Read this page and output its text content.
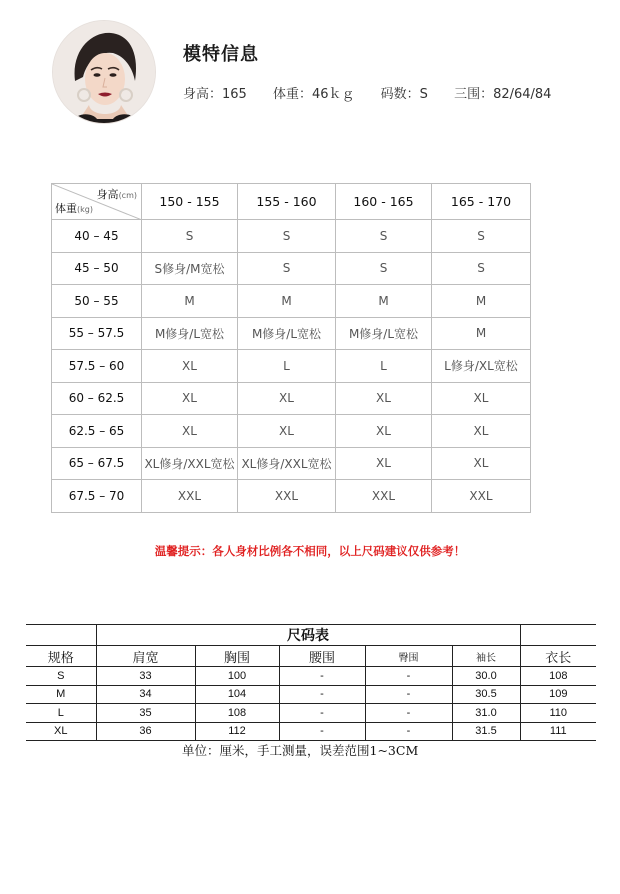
模特信息
身高：165 体重：46ｋｇ 码数：S 三围：82/64/84
身高(cm)
体重(kg)	150 - 155	155 - 160	160 - 165	165 - 170
40 – 45	S	S	S	S
45 – 50	S修身/M宽松	S	S	S
50 – 55	M	M	M	M
55 – 57.5	M修身/L宽松	M修身/L宽松	M修身/L宽松	M
57.5 – 60	XL	L	L	L修身/XL宽松
60 – 62.5	XL	XL	XL	XL
62.5 – 65	XL	XL	XL	XL
65 – 67.5	XL修身/XXL宽松	XL修身/XXL宽松	XL	XL
67.5 – 70	XXL	XXL	XXL	XXL
温馨提示：各人身材比例各不相同，以上尺码建议仅供参考！
	尺码表					
规格	肩宽	胸围	腰围	臀围	袖长	衣长
S	33	100	-	-	30.0	108
M	34	104	-	-	30.5	109
L	35	108	-	-	31.0	110
XL	36	112	-	-	31.5	111
单位：厘米，手工测量，误差范围1~3CM
